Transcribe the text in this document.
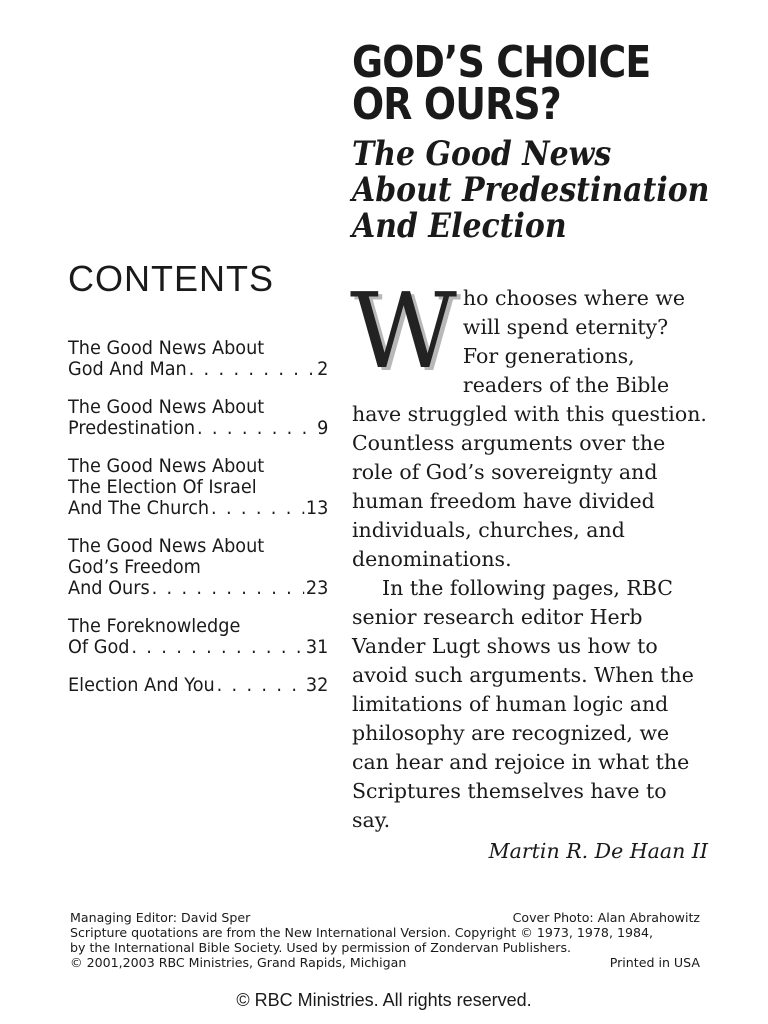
GOD’S CHOICE
OR OURS?
The Good News
About Predestination
And Election
CONTENTS
The Good News About
God And Man . . .	2
The Good News About
Predestination . . .	9
The Good News About
The Election Of Israel
And The Church . . .	13
The Good News About
God’s Freedom
And Ours . . .	23
The Foreknowledge
Of God . . .	31
Election And You . . .	32
W ho chooses where we will spend eternity? For generations, readers of the Bible have struggled with this question. Countless arguments over the role of God’s sovereignty and human freedom have divided individuals, churches, and denominations.

In the following pages, RBC senior research editor Herb Vander Lugt shows us how to avoid such arguments. When the limitations of human logic and philosophy are recognized, we can hear and rejoice in what the Scriptures themselves have to say.

Martin R. De Haan II
Managing Editor: David Sper	Cover Photo: Alan Abrahowitz
Scripture quotations are from the New International Version. Copyright © 1973, 1978, 1984,
by the International Bible Society. Used by permission of Zondervan Publishers.
© 2001,2003 RBC Ministries, Grand Rapids, Michigan	Printed in USA
© RBC Ministries. All rights reserved.
